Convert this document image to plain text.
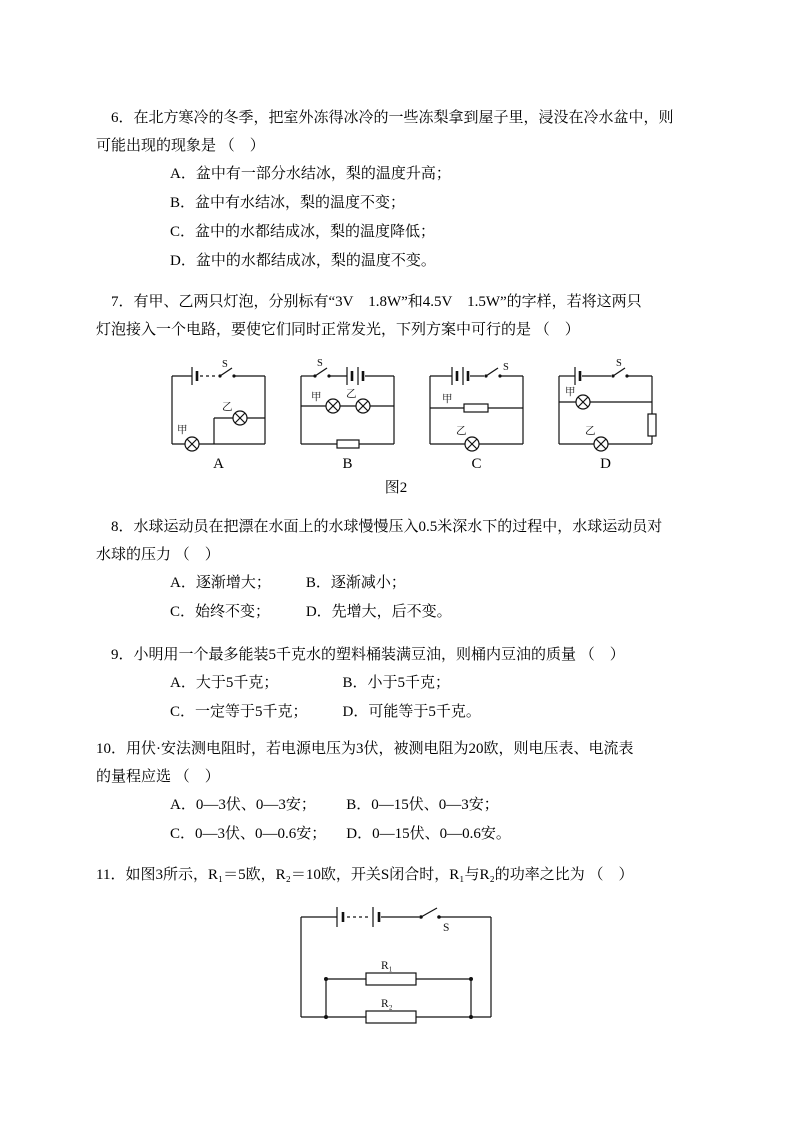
6．在北方寒冷的冬季，把室外冻得冰冷的一些冻梨拿到屋子里，浸没在冷水盆中，则

可能出现的现象是 （　）

A．盆中有一部分水结冰，梨的温度升高；

B．盆中有水结冰，梨的温度不变；

C．盆中的水都结成冰，梨的温度降低；

D．盆中的水都结成冰，梨的温度不变。

7．有甲、乙两只灯泡，分别标有“3V　1.8W”和4.5V　1.5W”的字样，若将这两只

灯泡接入一个电路，要使它们同时正常发光，下列方案中可行的是 （　）

S
甲
乙
A
S
甲 乙
B
S
甲
乙
C
S
甲
乙
D
图2

8．水球运动员在把漂在水面上的水球慢慢压入0.5米深水下的过程中，水球运动员对

水球的压力 （　）

A．逐渐增大； B．逐渐减小；
C．始终不变； D．先增大，后不变。

9．小明用一个最多能装5千克水的塑料桶装满豆油，则桶内豆油的质量 （　）

A．大于5千克；	B．小于5千克；
C．一定等于5千克； D．可能等于5千克。

10．用伏·安法测电阻时，若电源电压为3伏，被测电阻为20欧，则电压表、电流表

的量程应选 （　）

A．0—3伏、0—3安；	B．0—15伏、0—3安；
C．0—3伏、0—0.6安； D．0—15伏、0—0.6安。

11．如图3所示，R₁＝5欧，R₂＝10欧，开关S闭合时，R₁与R₂的功率之比为 （　）

S
R₁
R₂
